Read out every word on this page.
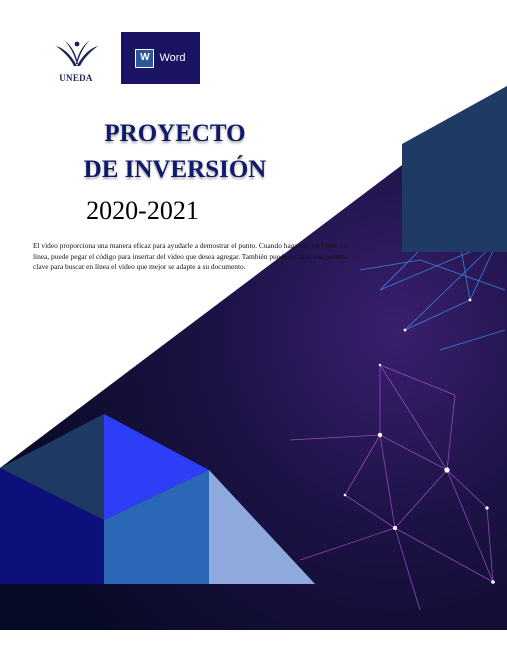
UNEDA
W Word
PROYECTO
DE INVERSIÓN
2020-2021
El video proporciona una manera eficaz para ayudarle a demostrar el punto. Cuando haga clic en Video en línea, puede pegar el código para insertar del video que desea agregar. También puede escribir una palabra clave para buscar en línea el video que mejor se adapte a su documento.
